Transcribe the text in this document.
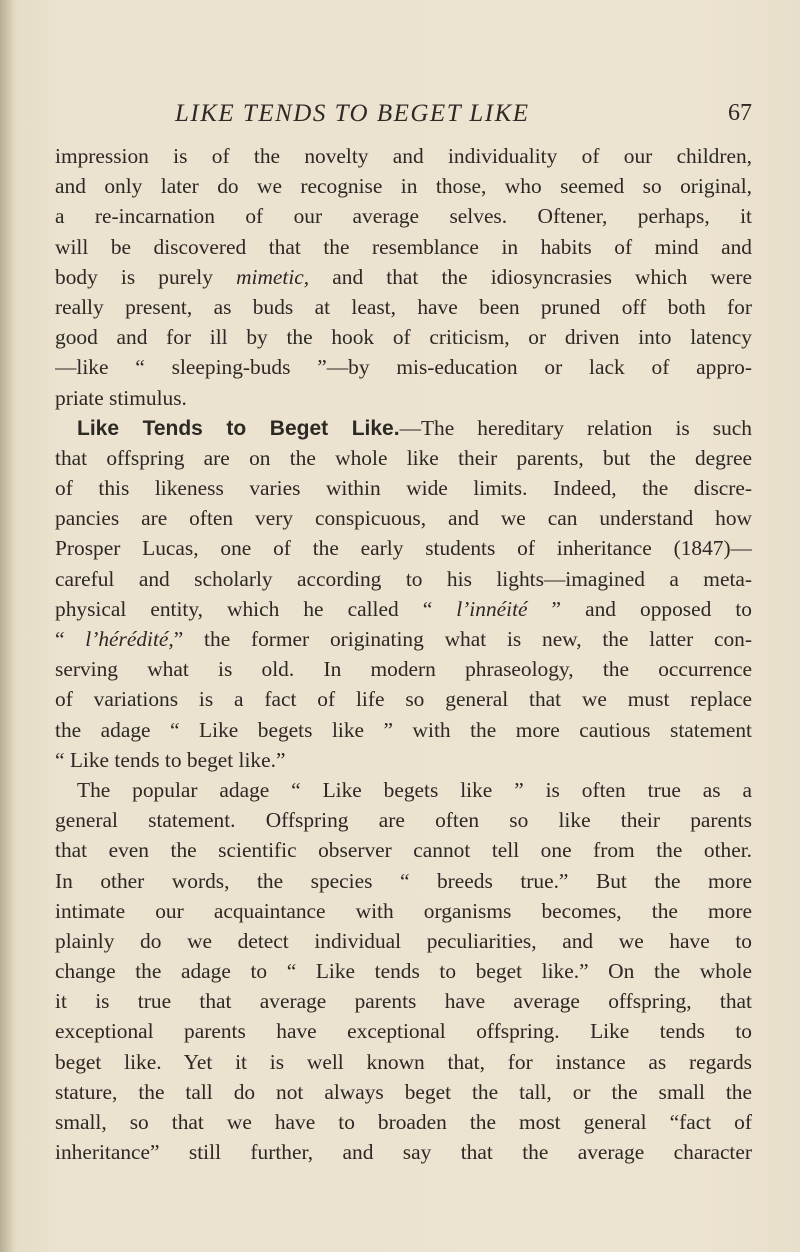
LIKE TENDS TO BEGET LIKE	67
impression is of the novelty and individuality of our children,
and only later do we recognise in those, who seemed so original,
a re-incarnation of our average selves. Oftener, perhaps, it
will be discovered that the resemblance in habits of mind and
body is purely mimetic, and that the idiosyncrasies which were
really present, as buds at least, have been pruned off both for
good and for ill by the hook of criticism, or driven into latency
—like “ sleeping-buds ”—by mis-education or lack of appro-
priate stimulus.
Like Tends to Beget Like.—The hereditary relation is such
that offspring are on the whole like their parents, but the degree
of this likeness varies within wide limits. Indeed, the discre-
pancies are often very conspicuous, and we can understand how
Prosper Lucas, one of the early students of inheritance (1847)—
careful and scholarly according to his lights—imagined a meta-
physical entity, which he called “ l’innéité ” and opposed to
“ l’hérédité,” the former originating what is new, the latter con-
serving what is old. In modern phraseology, the occurrence
of variations is a fact of life so general that we must replace
the adage “ Like begets like ” with the more cautious statement
“ Like tends to beget like.”
The popular adage “ Like begets like ” is often true as a
general statement. Offspring are often so like their parents
that even the scientific observer cannot tell one from the other.
In other words, the species “ breeds true.” But the more
intimate our acquaintance with organisms becomes, the more
plainly do we detect individual peculiarities, and we have to
change the adage to “ Like tends to beget like.” On the whole
it is true that average parents have average offspring, that
exceptional parents have exceptional offspring. Like tends to
beget like. Yet it is well known that, for instance as regards
stature, the tall do not always beget the tall, or the small the
small, so that we have to broaden the most general “fact of
inheritance” still further, and say that the average character
